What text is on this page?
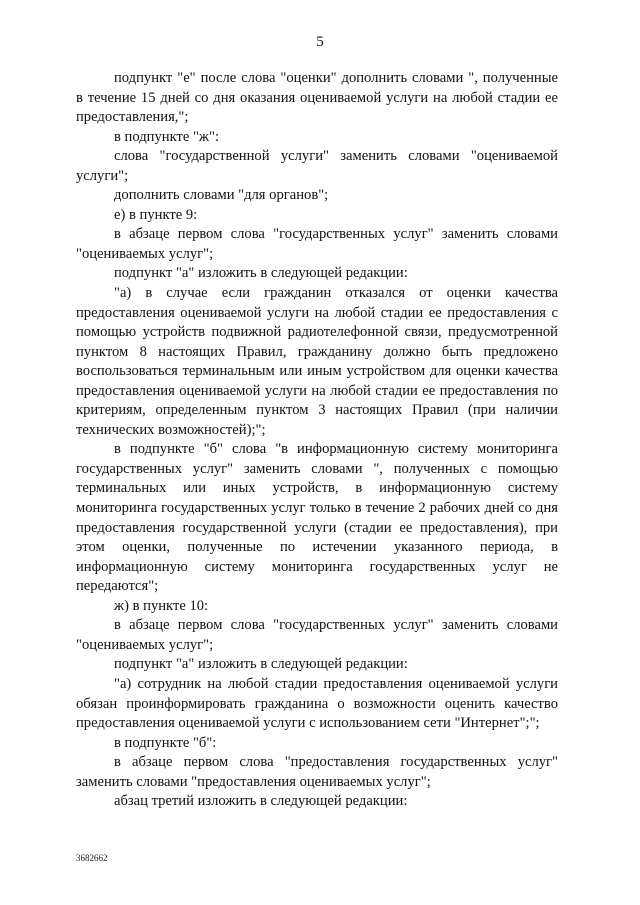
5

подпункт "е" после слова "оценки" дополнить словами ", полученные в течение 15 дней со дня оказания оцениваемой услуги на любой стадии ее предоставления,";

в подпункте "ж":

слова "государственной услуги" заменить словами "оцениваемой услуги";

дополнить словами "для органов";

е) в пункте 9:

в абзаце первом слова "государственных услуг" заменить словами "оцениваемых услуг";

подпункт "а" изложить в следующей редакции:

"а) в случае если гражданин отказался от оценки качества предоставления оцениваемой услуги на любой стадии ее предоставления с помощью устройств подвижной радиотелефонной связи, предусмотренной пунктом 8 настоящих Правил, гражданину должно быть предложено воспользоваться терминальным или иным устройством для оценки качества предоставления оцениваемой услуги на любой стадии ее предоставления по критериям, определенным пунктом 3 настоящих Правил (при наличии технических возможностей);";

в подпункте "б" слова "в информационную систему мониторинга государственных услуг" заменить словами ", полученных с помощью терминальных или иных устройств, в информационную систему мониторинга государственных услуг только в течение 2 рабочих дней со дня предоставления государственной услуги (стадии ее предоставления), при этом оценки, полученные по истечении указанного периода, в информационную систему мониторинга государственных услуг не передаются";

ж) в пункте 10:

в абзаце первом слова "государственных услуг" заменить словами "оцениваемых услуг";

подпункт "а" изложить в следующей редакции:

"а) сотрудник на любой стадии предоставления оцениваемой услуги обязан проинформировать гражданина о возможности оценить качество предоставления оцениваемой услуги с использованием сети "Интернет";";

в подпункте "б":

в абзаце первом слова "предоставления государственных услуг" заменить словами "предоставления оцениваемых услуг";

абзац третий изложить в следующей редакции:

3682662
